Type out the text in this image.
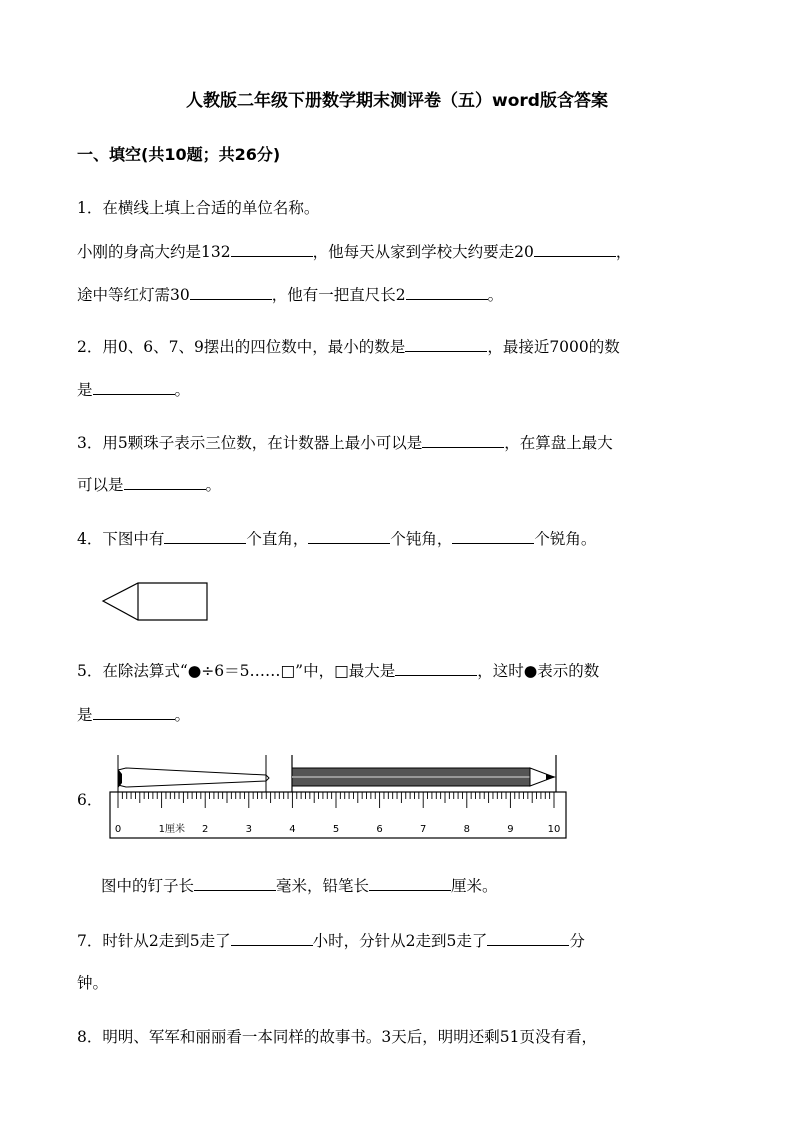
人教版二年级下册数学期末测评卷（五）word版含答案
一、填空(共10题；共26分)
1．在横线上填上合适的单位名称。
小刚的身高大约是132	，他每天从家到学校大约要走20	，
途中等红灯需30	，他有一把直尺长2	。
2．用0、6、7、9摆出的四位数中，最小的数是	，最接近7000的数
是	。
3．用5颗珠子表示三位数，在计数器上最小可以是	，在算盘上最大
可以是	。
4．下图中有	个直角，	个钝角，	个锐角。
5．在除法算式“●÷6＝5……□”中，□最大是	，这时●表示的数
是	。
6．
0	1厘米 2	3	4	5	6	7	8	9	10
图中的钉子长	毫米，铅笔长	厘米。
7．时针从2走到5走了	小时，分针从2走到5走了	分
钟。
8．明明、军军和丽丽看一本同样的故事书。3天后，明明还剩51页没有看，
